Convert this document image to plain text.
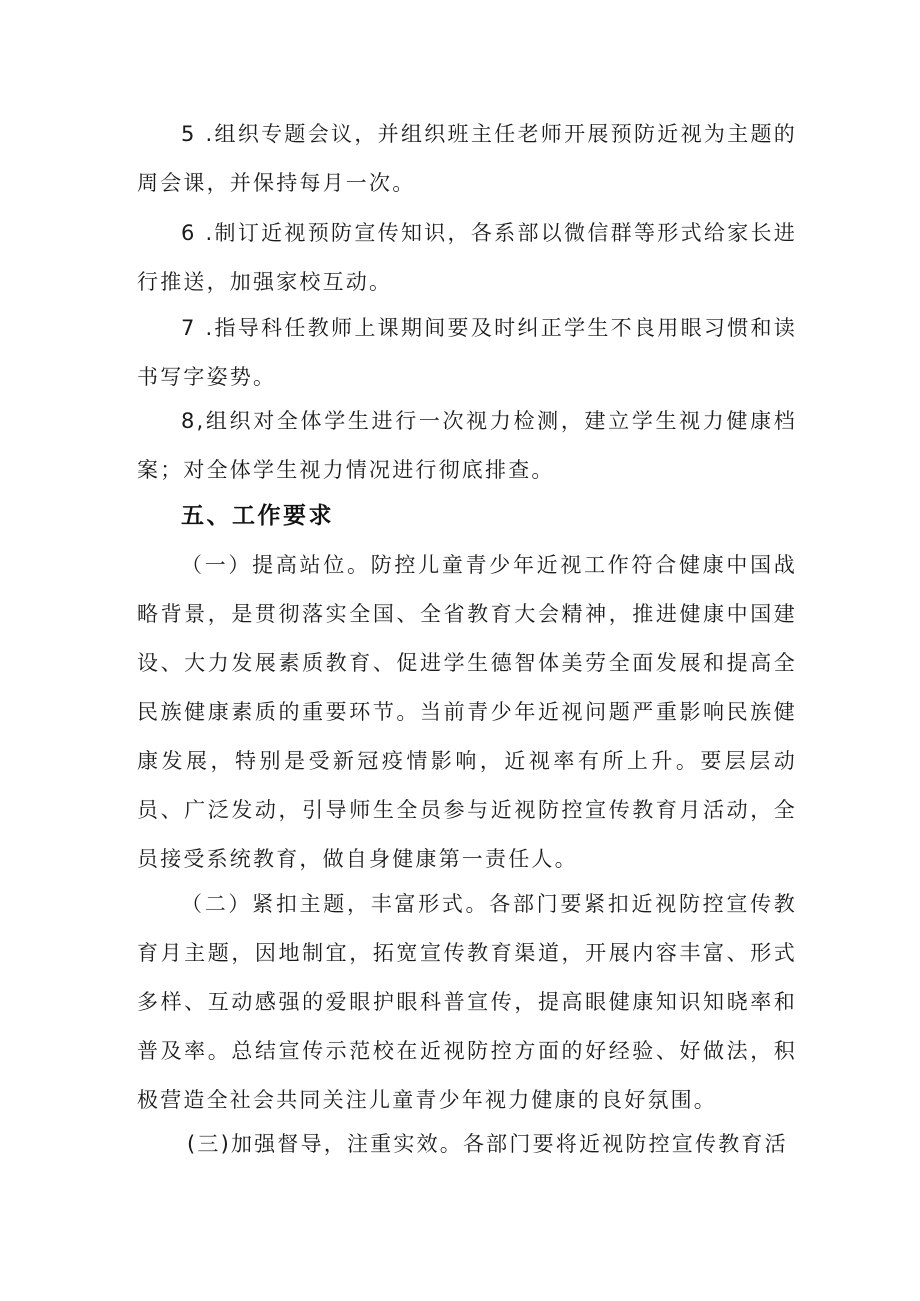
5 .组织专题会议，并组织班主任老师开展预防近视为主题的周会课，并保持每月一次。

6 .制订近视预防宣传知识，各系部以微信群等形式给家长进行推送，加强家校互动。

7 .指导科任教师上课期间要及时纠正学生不良用眼习惯和读书写字姿势。

8,组织对全体学生进行一次视力检测，建立学生视力健康档案；对全体学生视力情况进行彻底排查。

五、工作要求

（一）提高站位。防控儿童青少年近视工作符合健康中国战略背景，是贯彻落实全国、全省教育大会精神，推进健康中国建设、大力发展素质教育、促进学生德智体美劳全面发展和提高全民族健康素质的重要环节。当前青少年近视问题严重影响民族健康发展，特别是受新冠疫情影响，近视率有所上升。要层层动员、广泛发动，引导师生全员参与近视防控宣传教育月活动，全员接受系统教育，做自身健康第一责任人。

（二）紧扣主题，丰富形式。各部门要紧扣近视防控宣传教育月主题，因地制宜，拓宽宣传教育渠道，开展内容丰富、形式多样、互动感强的爱眼护眼科普宣传，提高眼健康知识知晓率和普及率。总结宣传示范校在近视防控方面的好经验、好做法，积极营造全社会共同关注儿童青少年视力健康的良好氛围。

(三)加强督导，注重实效。各部门要将近视防控宣传教育活
